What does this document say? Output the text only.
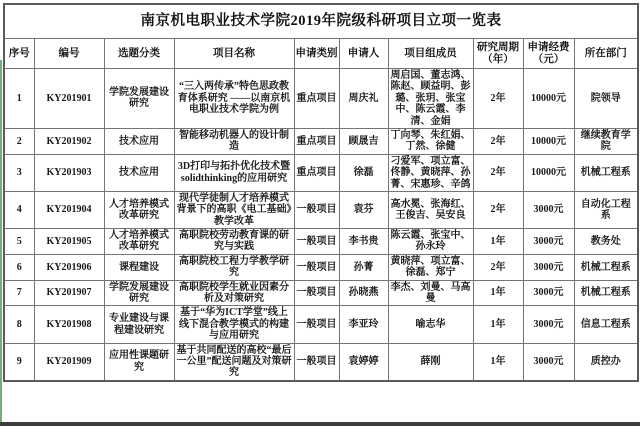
南京机电职业技术学院2019年院级科研项目立项一览表									
序号	编号	选题分类	项目名称	申请类别	申请人	项目组成员	研究周期（年）	申请经费（元）	所在部门
1	KY201901	学院发展建设研究	“三入两传承”特色思政教育体系研究 ——以南京机电职业技术学院为例	重点项目	周庆礼	周启国、董志鸿、陈赵、顾益明、彭璐、张玥、张宝中、陈云霞、李清、金娟	2年	10000元	院领导
2	KY201902	技术应用	智能移动机器人的设计制造	重点项目	顾晟吉	丁向琴、朱红娟、丁然、徐健	2年	10000元	继续教育学院
3	KY201903	技术应用	3D打印与拓扑优化技术暨solidthinking的应用研究	重点项目	徐磊	刁爱军、项立富、佟静、黄晓萍、孙菁、宋惠珍、辛鸽	2年	10000元	机械工程系
4	KY201904	人才培养模式改革研究	现代学徒制人才培养模式背景下的高职《电工基础》教学改革	一般项目	袁芬	高水冕、张海红、王俊吉、吴安良	2年	3000元	自动化工程系
5	KY201905	人才培养模式改革研究	高职院校劳动教育课的研究与实践	一般项目	李书贵	陈云霞、张宝中、孙永玲	1年	3000元	教务处
6	KY201906	课程建设	高职院校工程力学教学研究	一般项目	孙菁	黄晓萍、项立富、徐磊、郑宁	2年	3000元	机械工程系
7	KY201907	学院发展建设研究	高职院校学生就业因素分析及对策研究	一般项目	孙晓燕	李杰、刘曼、马高曼	1年	3000元	机械工程系
8	KY201908	专业建设与课程建设研究	基于“华为ICT学堂”线上线下混合教学模式的构建与应用研究	一般项目	李亚玲	喻志华	1年	3000元	信息工程系
9	KY201909	应用性课题研究	基于共同配送的高校“最后一公里”配送问题及对策研究	一般项目	袁婷婷	薛刚	1年	3000元	质控办
